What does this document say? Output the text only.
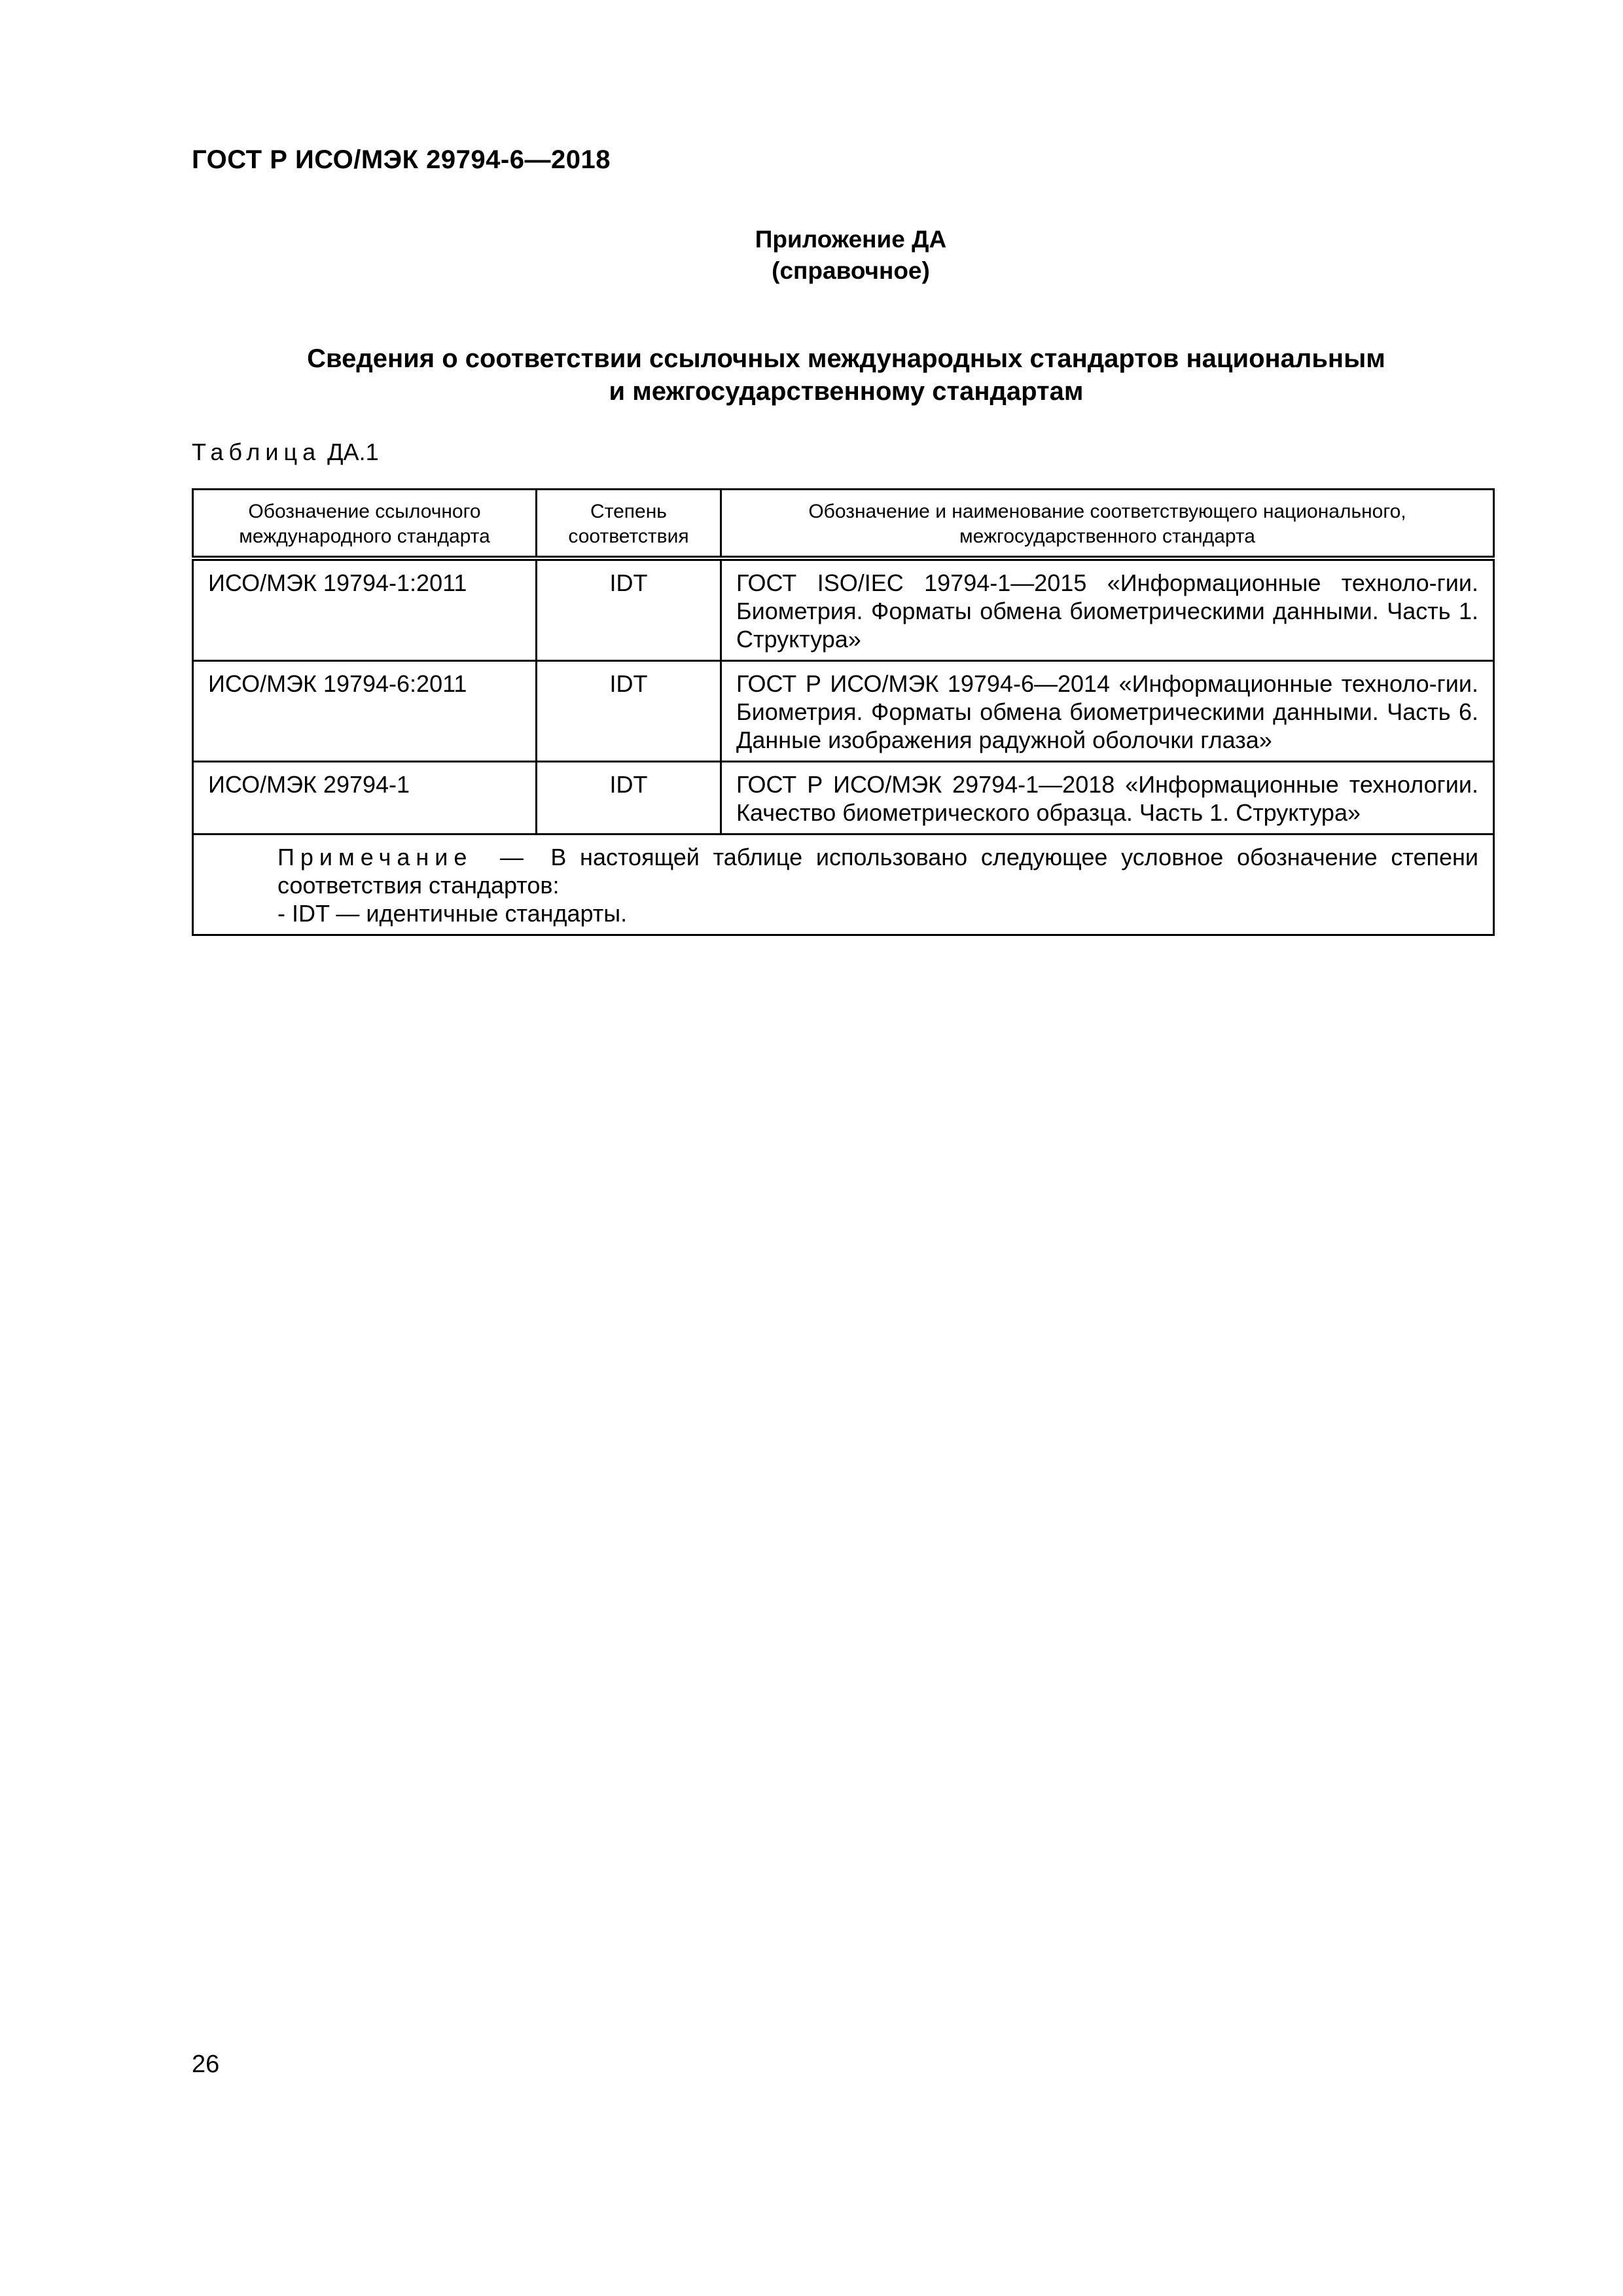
ГОСТ Р ИСО/МЭК 29794-6—2018
Приложение ДА
(справочное)
Сведения о соответствии ссылочных международных стандартов национальным
и межгосударственному стандартам
Таблица ДА.1
Обозначение ссылочного международного стандарта	Степень соответствия	Обозначение и наименование соответствующего национального, межгосударственного стандарта
ИСО/МЭК 19794-1:2011	IDT	ГОСТ ISO/IEC 19794-1—2015 «Информационные техноло-гии. Биометрия. Форматы обмена биометрическими данными. Часть 1. Структура»
ИСО/МЭК 19794-6:2011	IDT	ГОСТ Р ИСО/МЭК 19794-6—2014 «Информационные техноло-гии. Биометрия. Форматы обмена биометрическими данными. Часть 6. Данные изображения радужной оболочки глаза»
ИСО/МЭК 29794-1	IDT	ГОСТ Р ИСО/МЭК 29794-1—2018 «Информационные технологии. Качество биометрического образца. Часть 1. Структура»

Примечание — В настоящей таблице использовано следующее условное обозначение степени соответствия стандартов:
- IDT — идентичные стандарты.		
26
